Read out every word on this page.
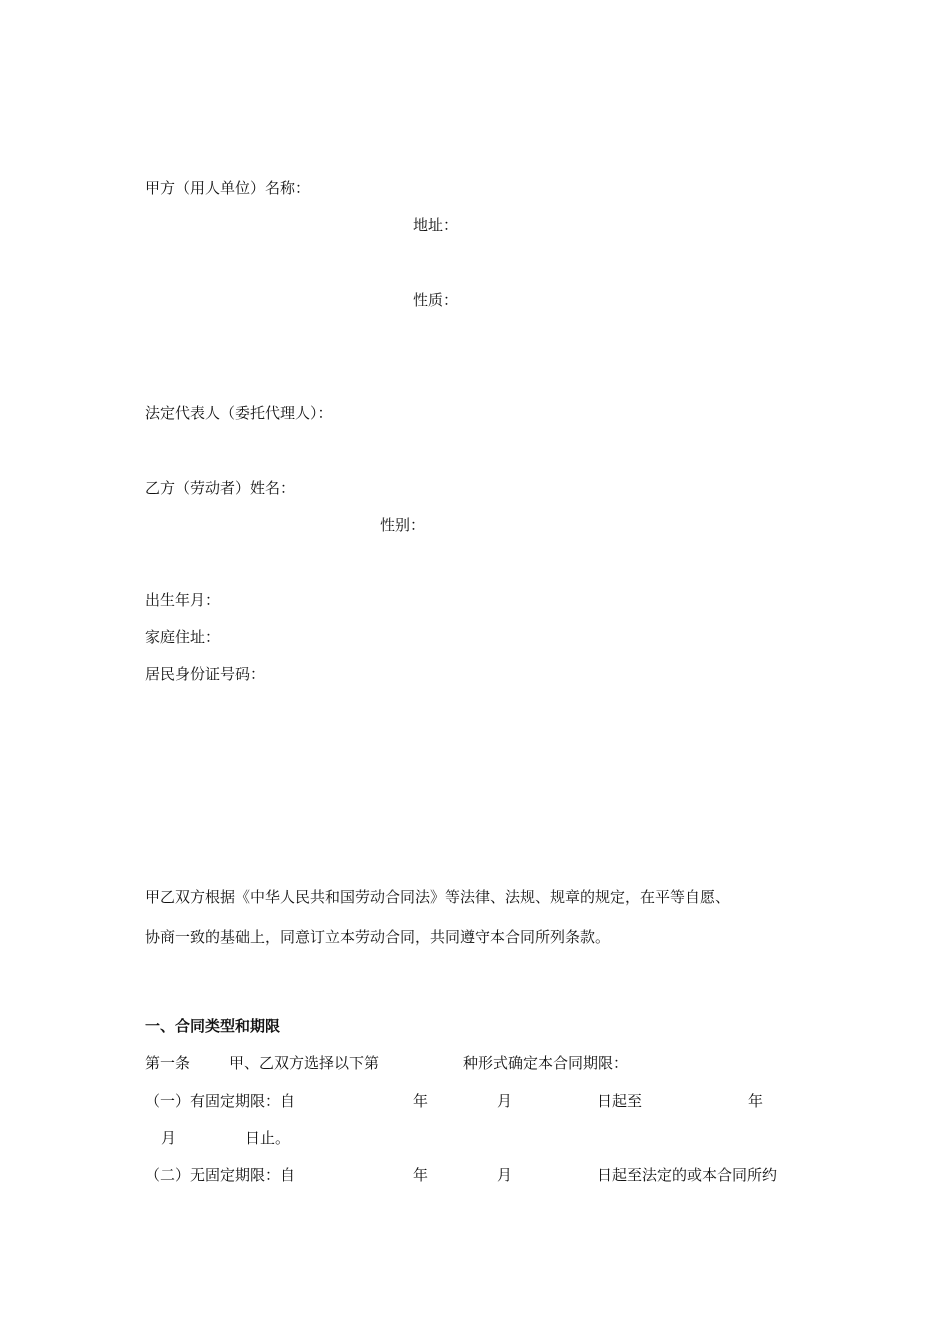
甲方（用人单位）名称：
地址：
性质：
法定代表人（委托代理人）：
乙方（劳动者）姓名：
性别：
出生年月：
家庭住址：
居民身份证号码：
甲乙双方根据《中华人民共和国劳动合同法》等法律、法规、规章的规定，在平等自愿、
协商一致的基础上，同意订立本劳动合同，共同遵守本合同所列条款。
一、合同类型和期限
第一条	甲、乙双方选择以下第	种形式确定本合同期限：
（一）有固定期限：自	年	月	日起至	年
月	日止。
（二）无固定期限：自	年	月	日起至法定的或本合同所约
